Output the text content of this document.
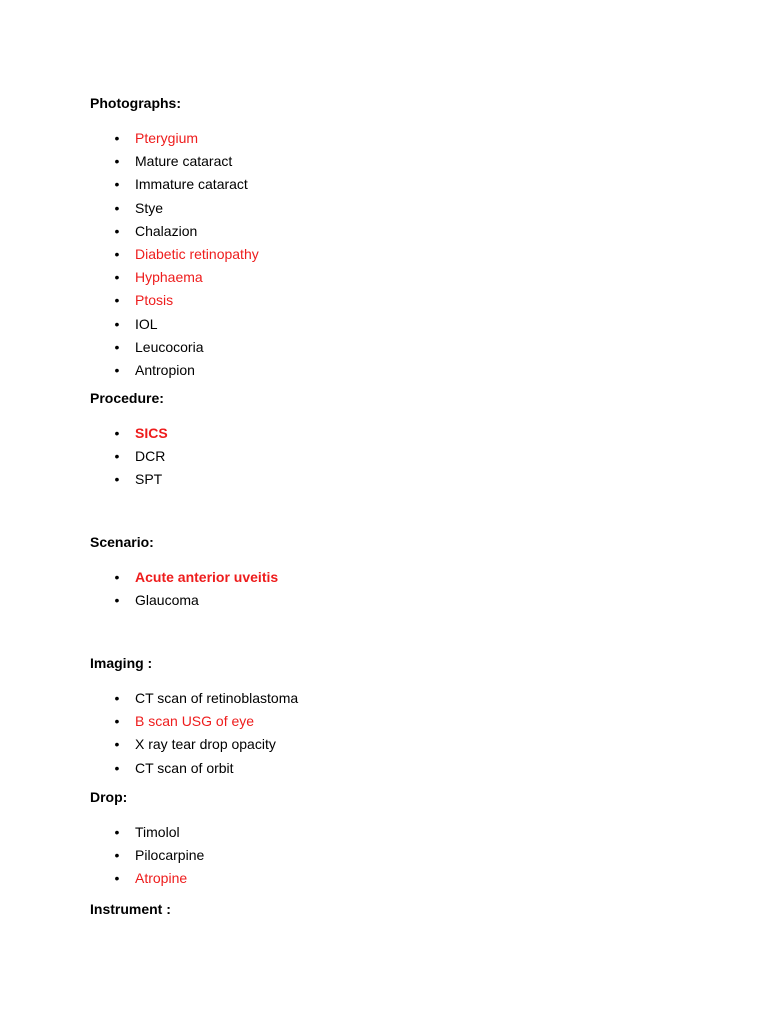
Photographs:

• Pterygium
• Mature cataract
• Immature cataract
• Stye
• Chalazion
• Diabetic retinopathy
• Hyphaema
• Ptosis
• IOL
• Leucocoria
• Antropion

Procedure:

• SICS
• DCR
• SPT

Scenario:

• Acute anterior uveitis
• Glaucoma

Imaging :

• CT scan of retinoblastoma
• B scan USG of eye
• X ray tear drop opacity
• CT scan of orbit

Drop:

• Timolol
• Pilocarpine
• Atropine

Instrument :
